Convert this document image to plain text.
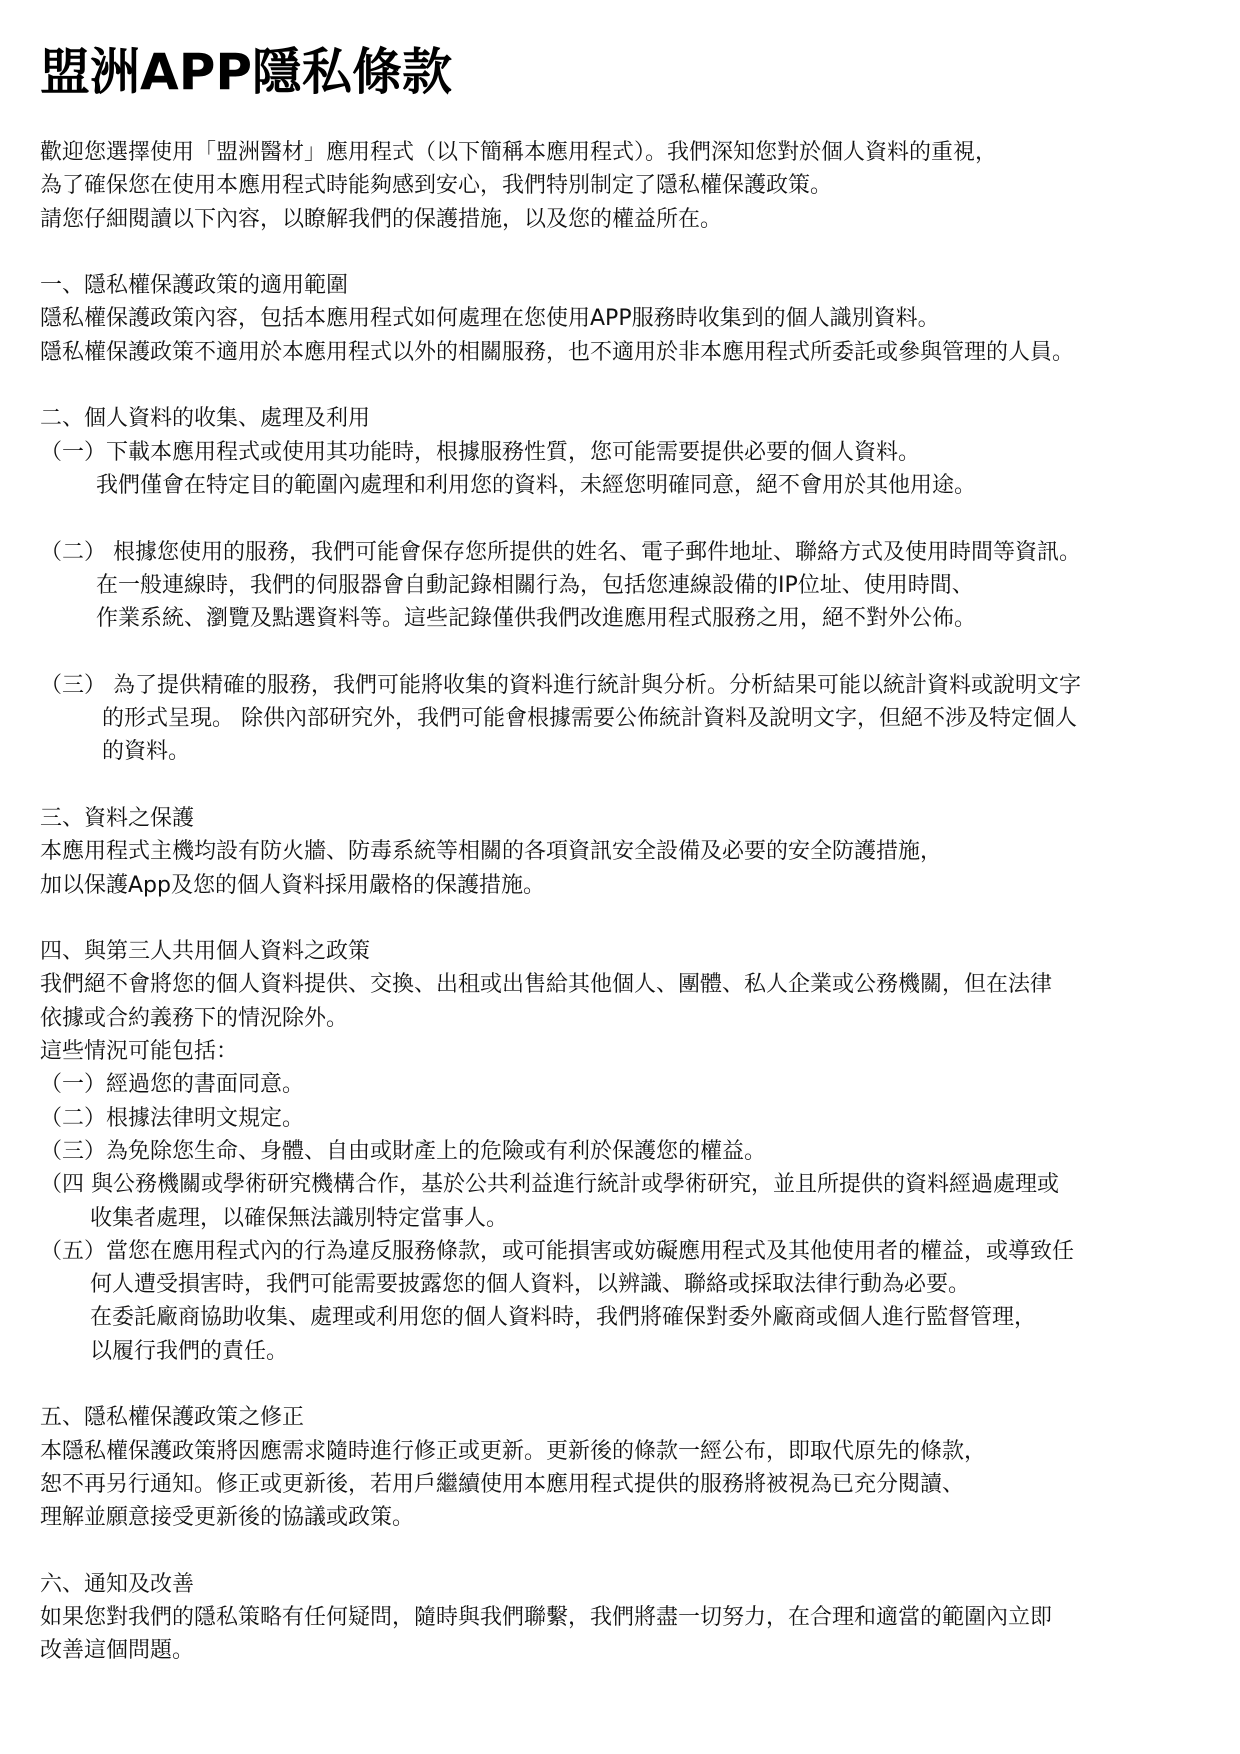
盟洲APP隱私條款
歡迎您選擇使用「盟洲醫材」應用程式（以下簡稱本應用程式）。我們深知您對於個人資料的重視，
為了確保您在使用本應用程式時能夠感到安心，我們特別制定了隱私權保護政策。
請您仔細閱讀以下內容，以瞭解我們的保護措施，以及您的權益所在。
一、隱私權保護政策的適用範圍
隱私權保護政策內容，包括本應用程式如何處理在您使用APP服務時收集到的個人識別資料。
隱私權保護政策不適用於本應用程式以外的相關服務，也不適用於非本應用程式所委託或參與管理的人員。
二、個人資料的收集、處理及利用
（一）下載本應用程式或使用其功能時，根據服務性質，您可能需要提供必要的個人資料。
我們僅會在特定目的範圍內處理和利用您的資料，未經您明確同意，絕不會用於其他用途。
（二） 根據您使用的服務，我們可能會保存您所提供的姓名、電子郵件地址、聯絡方式及使用時間等資訊。
在一般連線時，我們的伺服器會自動記錄相關行為，包括您連線設備的IP位址、使用時間、
作業系統、瀏覽及點選資料等。這些記錄僅供我們改進應用程式服務之用，絕不對外公佈。
（三） 為了提供精確的服務，我們可能將收集的資料進行統計與分析。分析結果可能以統計資料或說明文字
的形式呈現。 除供內部研究外，我們可能會根據需要公佈統計資料及說明文字，但絕不涉及特定個人
的資料。
三、資料之保護
本應用程式主機均設有防火牆、防毒系統等相關的各項資訊安全設備及必要的安全防護措施，
加以保護App及您的個人資料採用嚴格的保護措施。
四、與第三人共用個人資料之政策
我們絕不會將您的個人資料提供、交換、出租或出售給其他個人、團體、私人企業或公務機關，但在法律
依據或合約義務下的情況除外。
這些情況可能包括：
（一）經過您的書面同意。
（二）根據法律明文規定。
（三）為免除您生命、身體、自由或財產上的危險或有利於保護您的權益。
（四 與公務機關或學術研究機構合作，基於公共利益進行統計或學術研究，並且所提供的資料經過處理或
收集者處理，以確保無法識別特定當事人。
（五）當您在應用程式內的行為違反服務條款，或可能損害或妨礙應用程式及其他使用者的權益，或導致任
何人遭受損害時，我們可能需要披露您的個人資料，以辨識、聯絡或採取法律行動為必要。
在委託廠商協助收集、處理或利用您的個人資料時，我們將確保對委外廠商或個人進行監督管理，
以履行我們的責任。
五、隱私權保護政策之修正
本隱私權保護政策將因應需求隨時進行修正或更新。更新後的條款一經公布，即取代原先的條款，
恕不再另行通知。修正或更新後，若用戶繼續使用本應用程式提供的服務將被視為已充分閱讀、
理解並願意接受更新後的協議或政策。
六、通知及改善
如果您對我們的隱私策略有任何疑問，隨時與我們聯繫，我們將盡一切努力，在合理和適當的範圍內立即
改善這個問題。
